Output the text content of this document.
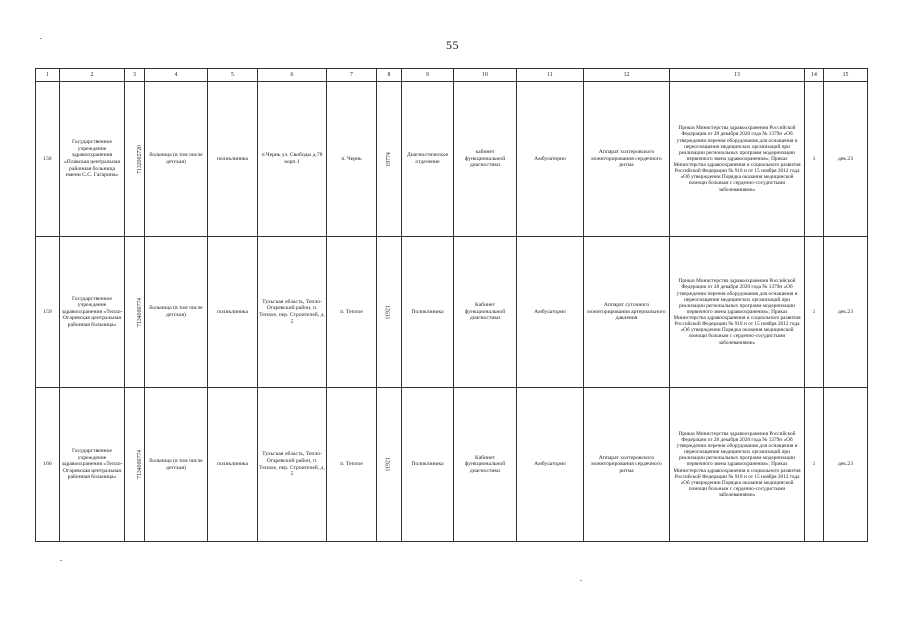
55
1	2	3	4	5	6	7	8	9	10	11	12	13	14	15
158	Государственное учреждение здравоохранения «Плавская центральная районная больница имени С.С. Гагарина»	7132002720	больница (в том числе детская)	поликлиника	п.Чернь ул. Свободы д.78 корп.1	п. Чернь	19774	Диагностическое отделение	кабинет функциональной диагностики	Амбулаторно	Аппарат холтеровского мониторирования сердечного ритма	Приказ Министерства здравоохранения Российской Федерации от 28 декабря 2020 года № 1379н «Об утверждении перечня оборудования для оснащения и переоснащения медицинских организаций при реализации региональных программ модернизации первичного звена здравоохранения»; Приказ Министерства здравоохранения и социального развития Российской Федерации № 918 н от 15 ноября 2012 года «Об утверждении Порядка оказания медицинской помощи больным с сердечно-сосудистыми заболеваниями»	1	дек.23
159	Государственное учреждение здравоохранения «Тепло-Огаревская центральная районная больница»	7134000774	больница (в том числе детская)	поликлиника	Тульская область, Тепло-Огаревский район, п. Теплое, пер. Строителей, д. 5	п. Теплое	11921	Поликлиника	Кабинет функциональной диагностики	Амбулаторно	Аппарат суточного мониторирования артериального давления	Приказ Министерства здравоохранения Российской Федерации от 28 декабря 2020 года № 1379н «Об утверждении перечня оборудования для оснащения и переоснащения медицинских организаций при реализации региональных программ модернизации первичного звена здравоохранения»; Приказ Министерства здравоохранения и социального развития Российской Федерации № 918 н от 15 ноября 2012 года «Об утверждении Порядка оказания медицинской помощи больным с сердечно-сосудистыми заболеваниями»	1	дек.23
160	Государственное учреждение здравоохранения «Тепло-Огаревская центральная районная больница»	7134000774	больница (в том числе детская)	поликлиника	Тульская область, Тепло-Огаревский район, п. Теплое, пер. Строителей, д. 5	п. Теплое	11921	Поликлиника	Кабинет функциональной диагностики	Амбулаторно	Аппарат холтеровского мониторирования сердечного ритма	Приказ Министерства здравоохранения Российской Федерации от 28 декабря 2020 года № 1379н «Об утверждении перечня оборудования для оснащения и переоснащения медицинских организаций при реализации региональных программ модернизации первичного звена здравоохранения»; Приказ Министерства здравоохранения и социального развития Российской Федерации № 918 н от 15 ноября 2012 года «Об утверждении Порядка оказания медицинской помощи больным с сердечно-сосудистыми заболеваниями»	1	дек.23
